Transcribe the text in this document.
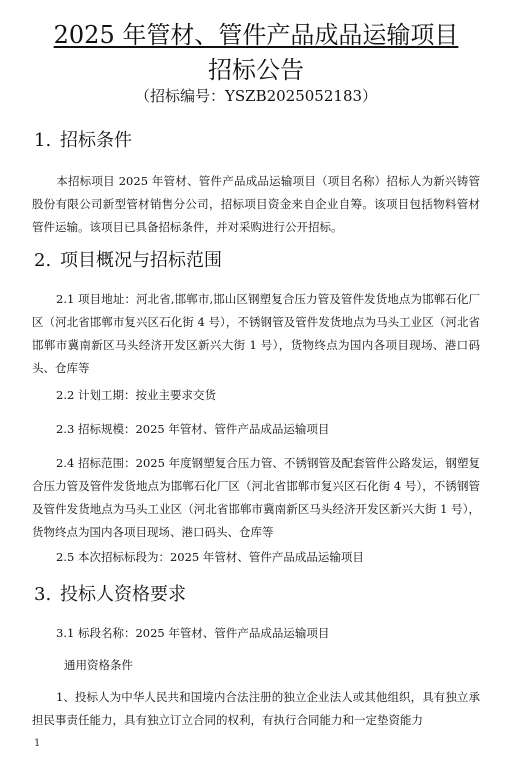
2025 年管材、管件产品成品运输项目
招标公告
（招标编号：YSZB2025052183）
1. 招标条件
本招标项目 2025 年管材、管件产品成品运输项目（项目名称）招标人为新兴铸管股份有限公司新型管材销售分公司，招标项目资金来自企业自筹。该项目包括物料管材管件运输。该项目已具备招标条件，并对采购进行公开招标。
2. 项目概况与招标范围
2.1 项目地址：河北省,邯郸市,邯山区钢塑复合压力管及管件发货地点为邯郸石化厂区（河北省邯郸市复兴区石化街 4 号），不锈钢管及管件发货地点为马头工业区（河北省邯郸市冀南新区马头经济开发区新兴大街 1 号），货物终点为国内各项目现场、港口码头、仓库等
2.2 计划工期：按业主要求交货
2.3 招标规模：2025 年管材、管件产品成品运输项目
2.4 招标范围：2025 年度钢塑复合压力管、不锈钢管及配套管件公路发运，钢塑复合压力管及管件发货地点为邯郸石化厂区（河北省邯郸市复兴区石化街 4 号），不锈钢管及管件发货地点为马头工业区（河北省邯郸市冀南新区马头经济开发区新兴大街 1 号），货物终点为国内各项目现场、港口码头、仓库等
2.5 本次招标标段为：2025 年管材、管件产品成品运输项目
3. 投标人资格要求
3.1 标段名称：2025 年管材、管件产品成品运输项目
通用资格条件
1、投标人为中华人民共和国境内合法注册的独立企业法人或其他组织，具有独立承担民事责任能力，具有独立订立合同的权利，有执行合同能力和一定垫资能力
1
